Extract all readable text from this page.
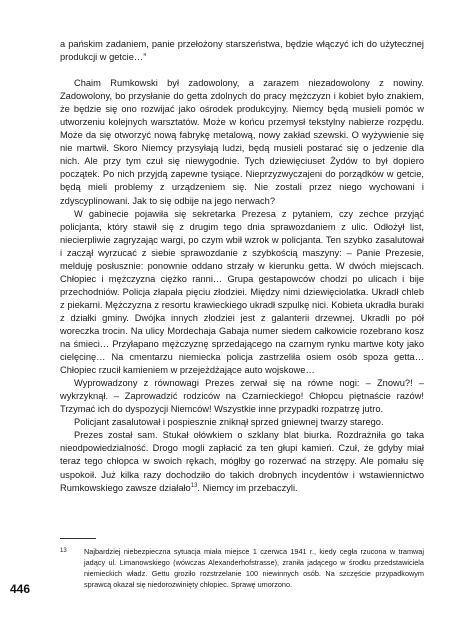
a pańskim zadaniem, panie przełożony starszeństwa, będzie włączyć ich do użytecznej produkcji w getcie…”

Chaim Rumkowski był zadowolony, a zarazem niezadowolony z nowiny. Zadowolony, bo przysłanie do getta zdolnych do pracy mężczyzn i kobiet było znakiem, że będzie się ono rozwijać jako ośrodek produkcyjny. Niemcy będą musieli pomóc w utworzeniu kolejnych warsztatów. Może w końcu przemysł tekstylny nabierze rozpędu. Może da się otworzyć nową fabrykę metalową, nowy zakład szewski. O wyżywienie się nie martwił. Skoro Niemcy przysyłają ludzi, będą musieli postarać się o jedzenie dla nich. Ale przy tym czuł się niewygodnie. Tych dziewięciuset Żydów to był dopiero początek. Po nich przyjdą zapewne tysiące. Nieprzyzwyczajeni do porządków w getcie, będą mieli problemy z urządzeniem się. Nie zostali przez niego wychowani i zdyscyplinowani. Jak to się odbije na jego nerwach?

W gabinecie pojawiła się sekretarka Prezesa z pytaniem, czy zechce przyjąć policjanta, który stawił się z drugim tego dnia sprawozdaniem z ulic. Odłożył list, niecierpliwie zagryzając wargi, po czym wbił wzrok w policjanta. Ten szybko zasalutował i zaczął wyrzucać z siebie sprawozdanie z szybkością maszyny: – Panie Prezesie, melduję posłusznie: ponownie oddano strzały w kierunku getta. W dwóch miejscach. Chłopiec i mężczyzna ciężko ranni… Grupa gestapowców chodzi po ulicach i bije przechodniów. Policja złapała pięciu złodziei. Między nimi dziewięciolatka. Ukradł chleb z piekarni. Mężczyzna z resortu krawieckiego ukradł szpulkę nici. Kobieta ukradła buraki z działki gminy. Dwójka innych złodziei jest z galanterii drzewnej. Ukradli po pół woreczka trocin. Na ulicy Mordechaja Gabaja numer siedem całkowicie rozebrano kosz na śmieci… Przyłapano mężczyznę sprzedającego na czarnym rynku martwe koty jako cielęcinę… Na cmentarzu niemiecka policja zastrzeliła osiem osób spoza getta… Chłopiec rzucił kamieniem w przejeżdżające auto wojskowe…

Wyprowadzony z równowagi Prezes zerwał się na równe nogi: – Znowu?! – wykrzyknął. – Zaprowadzić rodziców na Czarnieckiego! Chłopcu piętnaście razów! Trzymać ich do dyspozycji Niemców! Wszystkie inne przypadki rozpatrzę jutro.

Policjant zasalutował i pospiesznie zniknął sprzed gniewnej twarzy starego.

Prezes został sam. Stukał ołówkiem o szklany blat biurka. Rozdrażniła go taka nieodpowiedzialność. Drogo mogli zapłacić za ten głupi kamień. Czuł, że gdyby miał teraz tego chłopca w swoich rękach, mógłby go rozerwać na strzępy. Ale pomału się uspokoił. Już kilka razy dochodziło do takich drobnych incydentów i wstawiennictwo Rumkowskiego zawsze działało$^{13}$. Niemcy im przebaczyli.

13 Najbardziej niebezpieczna sytuacja miała miejsce 1 czerwca 1941 r., kiedy cegła rzucona w tramwaj jadący ul. Limanowskiego (wówczas Alexanderhofstrasse), zraniła jadącego w środku przedstawiciela niemieckich władz. Gettu groziło rozstrzelanie 100 niewinnych osób. Na szczęście przypadkowym sprawcą okazał się niedorozwinięty chłopiec. Sprawę umorzono.
446
